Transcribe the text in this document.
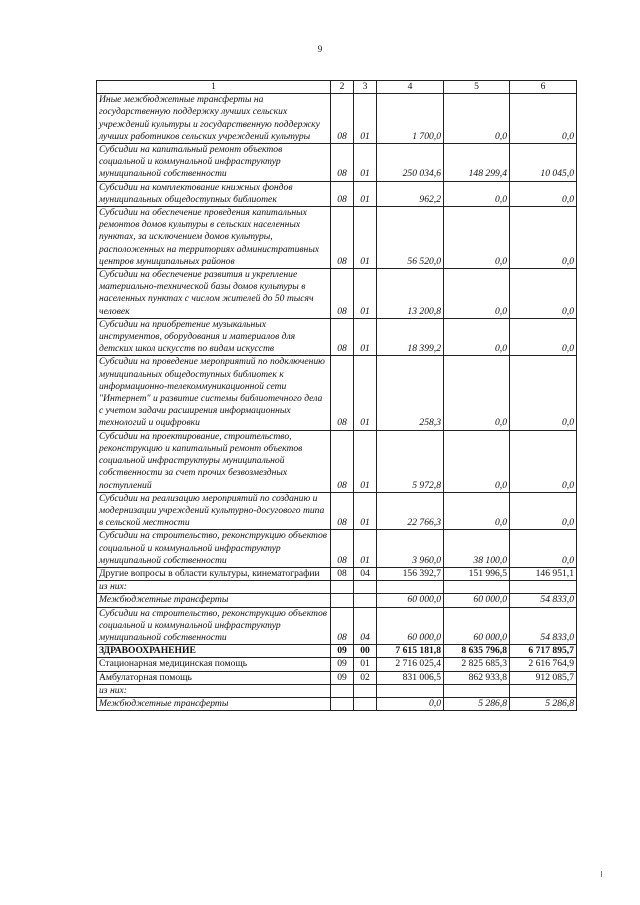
9
1	2	3	4	5	6
Иные межбюджетные трансферты на государственную поддержку лучших сельских учреждений культуры и государственную поддержку лучших работников сельских учреждений культуры	08	01	1 700,0	0,0	0,0
Субсидии на капитальный ремонт объектов социальной и коммунальной инфраструктур муниципальной собственности	08	01	250 034,6	148 299,4	10 045,0
Субсидии на комплектование книжных фондов муниципальных общедоступных библиотек	08	01	962,2	0,0	0,0
Субсидии на обеспечение проведения капитальных ремонтов домов культуры в сельских населенных пунктах, за исключением домов культуры, расположенных на территориях административных центров муниципальных районов	08	01	56 520,0	0,0	0,0
Субсидии на обеспечение развития и укрепление материально-технической базы домов культуры в населенных пунктах с числом жителей до 50 тысяч человек	08	01	13 200,8	0,0	0,0
Субсидии на приобретение музыкальных инструментов, оборудования и материалов для детских школ искусств по видам искусств	08	01	18 399,2	0,0	0,0
Субсидии на проведение мероприятий по подключению муниципальных общедоступных библиотек к информационно-телекоммуникационной сети "Интернет" и развитие системы библиотечного дела с учетом задачи расширения информационных технологий и оцифровки	08	01	258,3	0,0	0,0
Субсидии на проектирование, строительство, реконструкцию и капитальный ремонт объектов социальной инфраструктуры муниципальной собственности за счет прочих безвозмездных поступлений	08	01	5 972,8	0,0	0,0
Субсидии на реализацию мероприятий по созданию и модернизации учреждений культурно-досугового типа в сельской местности	08	01	22 766,3	0,0	0,0
Субсидии на строительство, реконструкцию объектов социальной и коммунальной инфраструктур муниципальной собственности	08	01	3 960,0	38 100,0	0,0
Другие вопросы в области культуры, кинематографии	08	04	156 392,7	151 996,5	146 951,1
из них:					
Межбюджетные трансферты			60 000,0	60 000,0	54 833,0
Субсидии на строительство, реконструкцию объектов социальной и коммунальной инфраструктур муниципальной собственности	08	04	60 000,0	60 000,0	54 833,0
ЗДРАВООХРАНЕНИЕ	09	00	7 615 181,8	8 635 796,8	6 717 895,7
Стационарная медицинская помощь	09	01	2 716 025,4	2 825 685,3	2 616 764,9
Амбулаторная помощь	09	02	831 006,5	862 933,8	912 085,7
из них:					
Межбюджетные трансферты			0,0	5 286,8	5 286,8
